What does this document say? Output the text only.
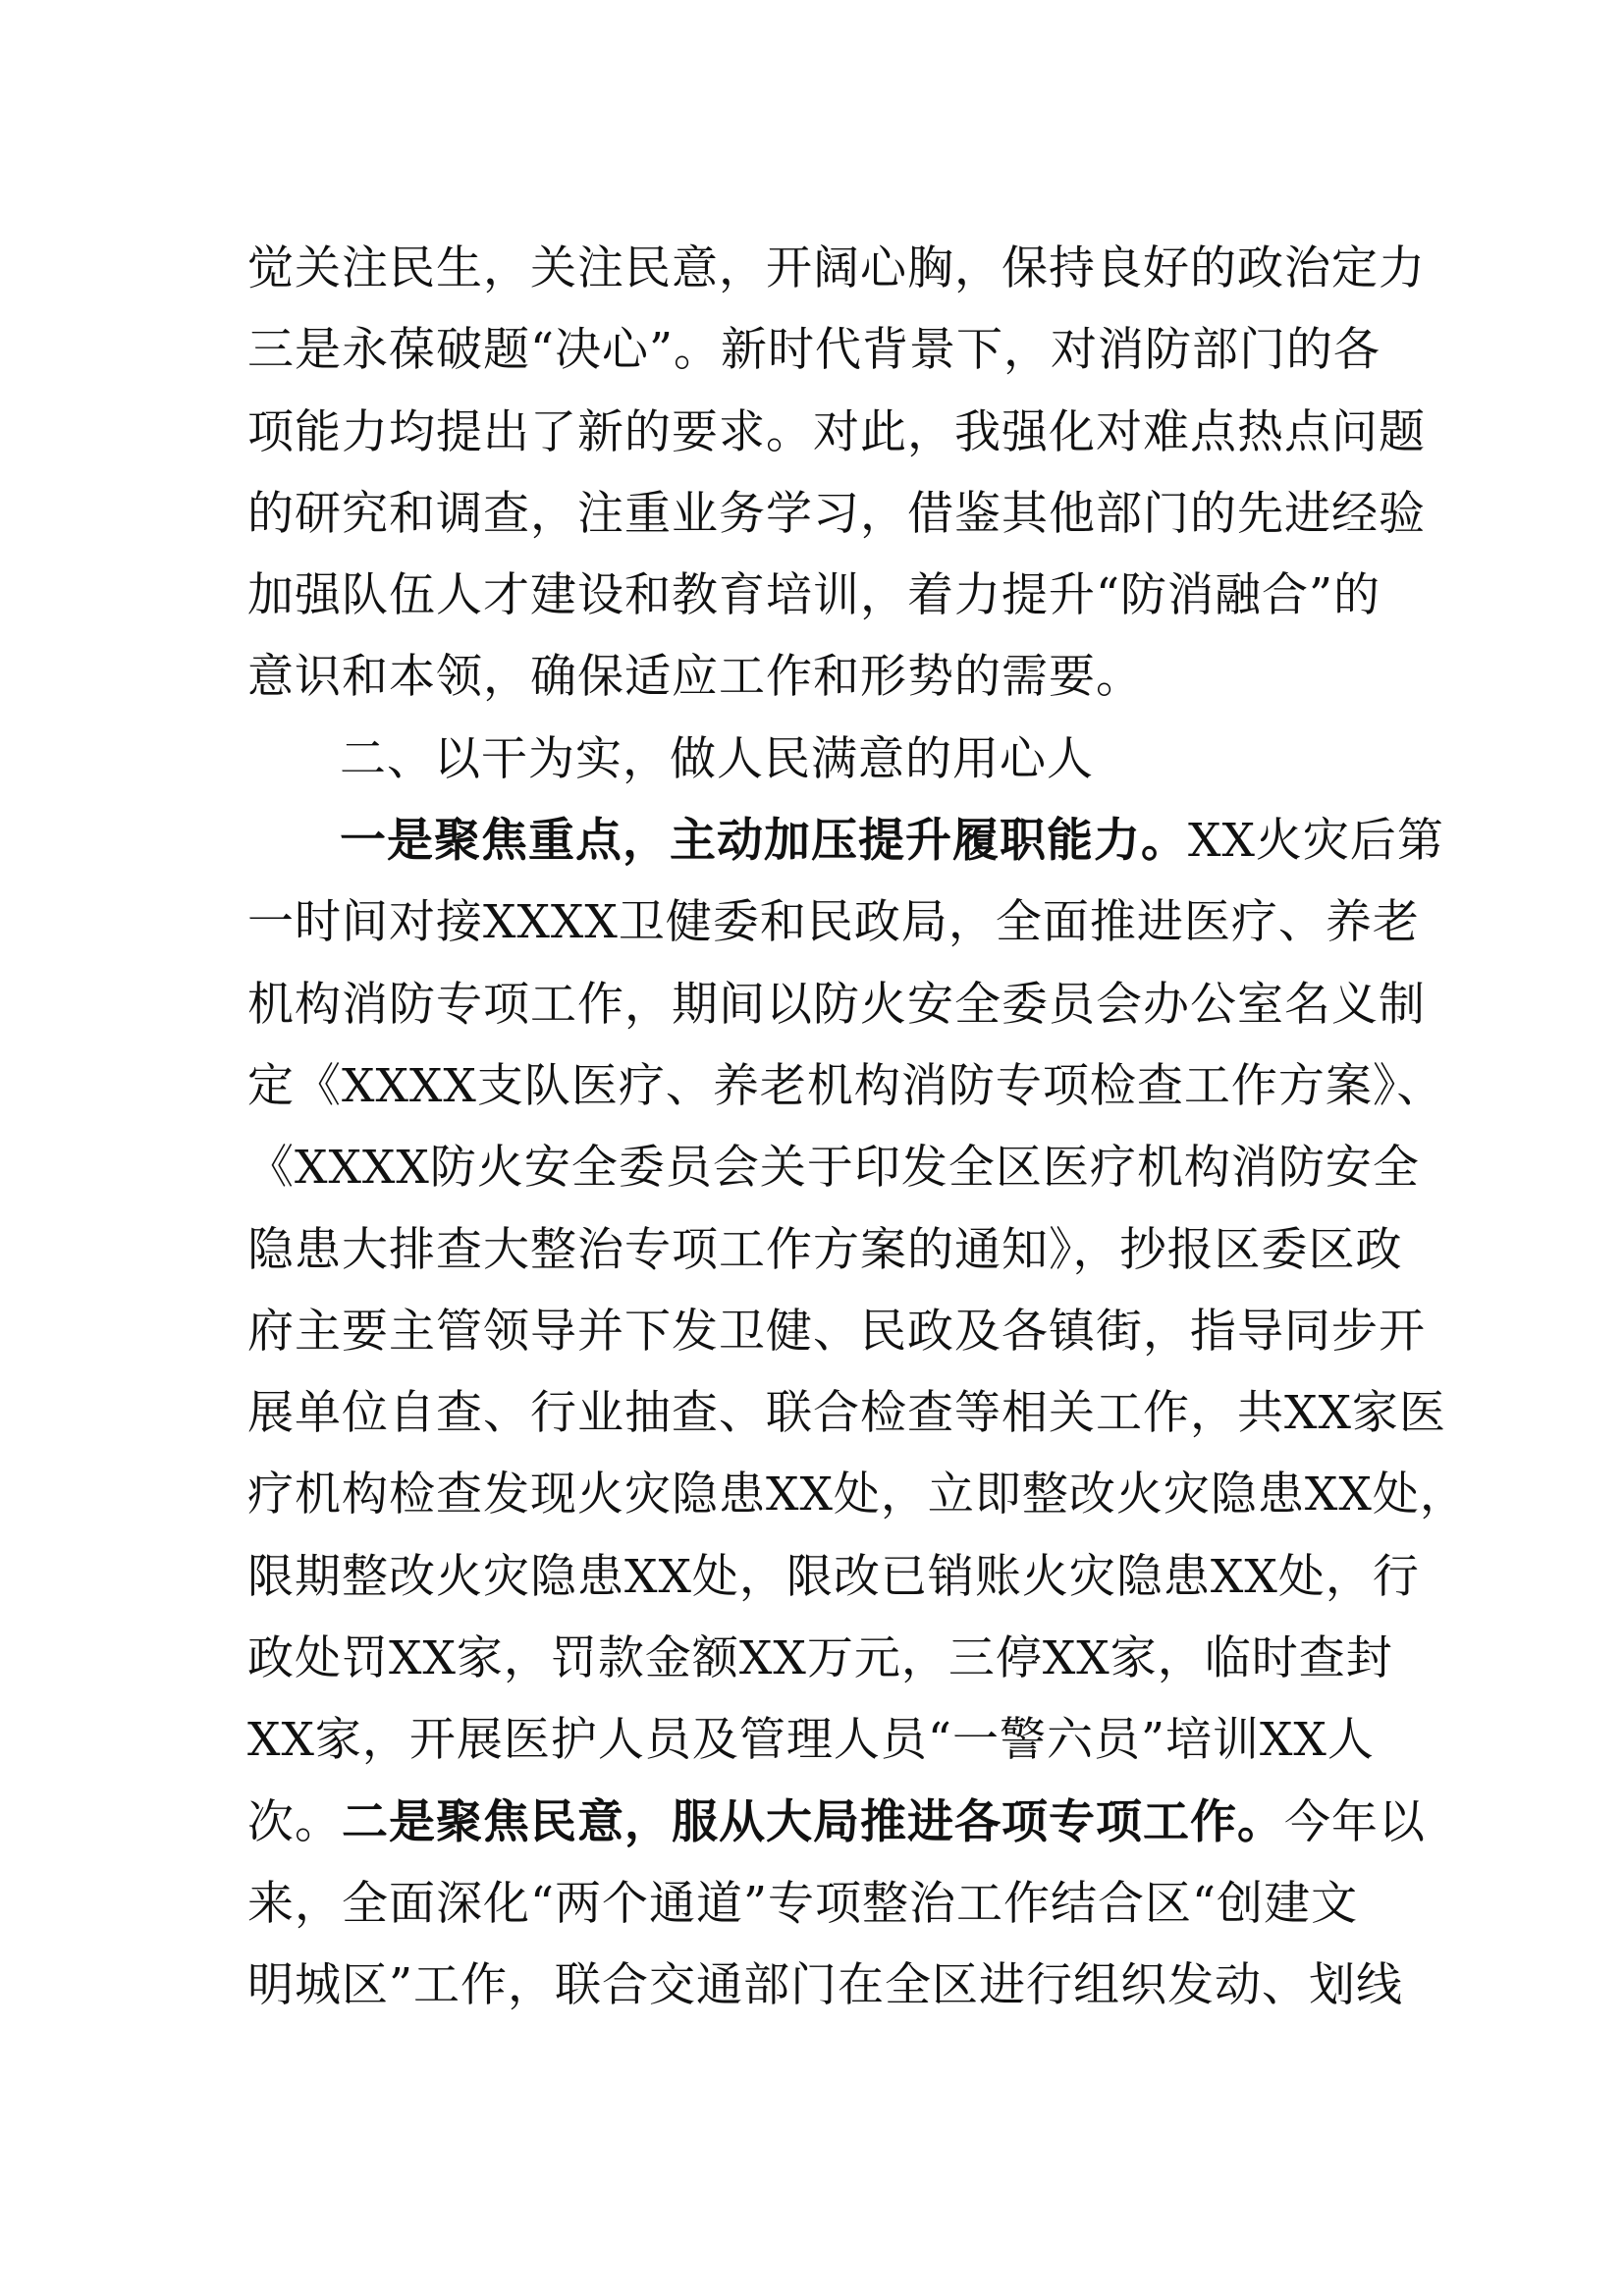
觉关注民生，关注民意，开阔心胸，保持良好的政治定力
三是永葆破题“决心”。新时代背景下，对消防部门的各
项能力均提出了新的要求。对此，我强化对难点热点问题
的研究和调查，注重业务学习，借鉴其他部门的先进经验
加强队伍人才建设和教育培训，着力提升“防消融合”的
意识和本领，确保适应工作和形势的需要。

二、以干为实，做人民满意的用心人

一是聚焦重点，主动加压提升履职能力。XX火灾后第
一时间对接XXXX卫健委和民政局，全面推进医疗、养老
机构消防专项工作，期间以防火安全委员会办公室名义制
定《XXXX支队医疗、养老机构消防专项检查工作方案》、
《XXXX防火安全委员会关于印发全区医疗机构消防安全
隐患大排查大整治专项工作方案的通知》，抄报区委区政
府主要主管领导并下发卫健、民政及各镇街，指导同步开
展单位自查、行业抽查、联合检查等相关工作，共XX家医
疗机构检查发现火灾隐患XX处，立即整改火灾隐患XX处，
限期整改火灾隐患XX处，限改已销账火灾隐患XX处，行
政处罚XX家，罚款金额XX万元，三停XX家，临时查封
XX家，开展医护人员及管理人员“一警六员”培训XX人
次。二是聚焦民意，服从大局推进各项专项工作。今年以
来，全面深化“两个通道”专项整治工作结合区“创建文
明城区”工作，联合交通部门在全区进行组织发动、划线
